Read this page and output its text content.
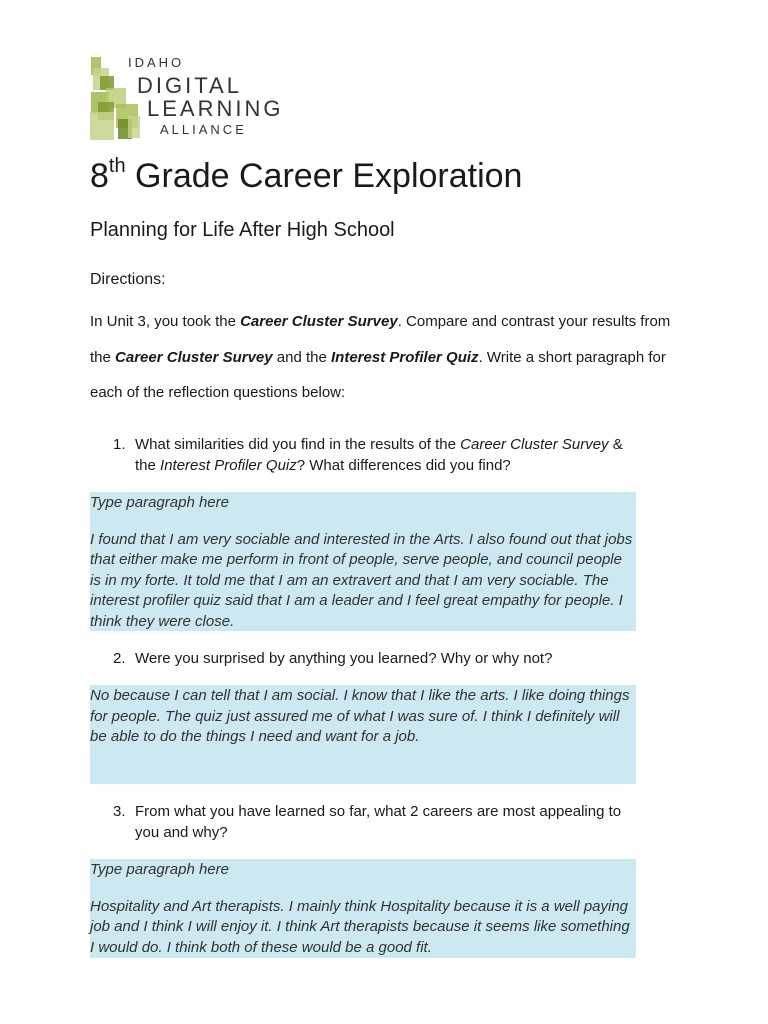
IDAHO
DIGITAL
LEARNING
ALLIANCE
8th Grade Career Exploration
Planning for Life After High School
Directions:
In Unit 3, you took the Career Cluster Survey. Compare and contrast your results from the Career Cluster Survey and the Interest Profiler Quiz. Write a short paragraph for each of the reflection questions below:
1. What similarities did you find in the results of the Career Cluster Survey & the Interest Profiler Quiz? What differences did you find?

Type paragraph here

I found that I am very sociable and interested in the Arts. I also found out that jobs that either make me perform in front of people, serve people, and council people is in my forte. It told me that I am an extravert and that I am very sociable. The interest profiler quiz said that I am a leader and I feel great empathy for people. I think they were close.

2. Were you surprised by anything you learned? Why or why not?

No because I can tell that I am social. I know that I like the arts. I like doing things for people. The quiz just assured me of what I was sure of. I think I definitely will be able to do the things I need and want for a job.

3. From what you have learned so far, what 2 careers are most appealing to you and why?

Type paragraph here

Hospitality and Art therapists. I mainly think Hospitality because it is a well paying job and I think I will enjoy it. I think Art therapists because it seems like something I would do. I think both of these would be a good fit.
